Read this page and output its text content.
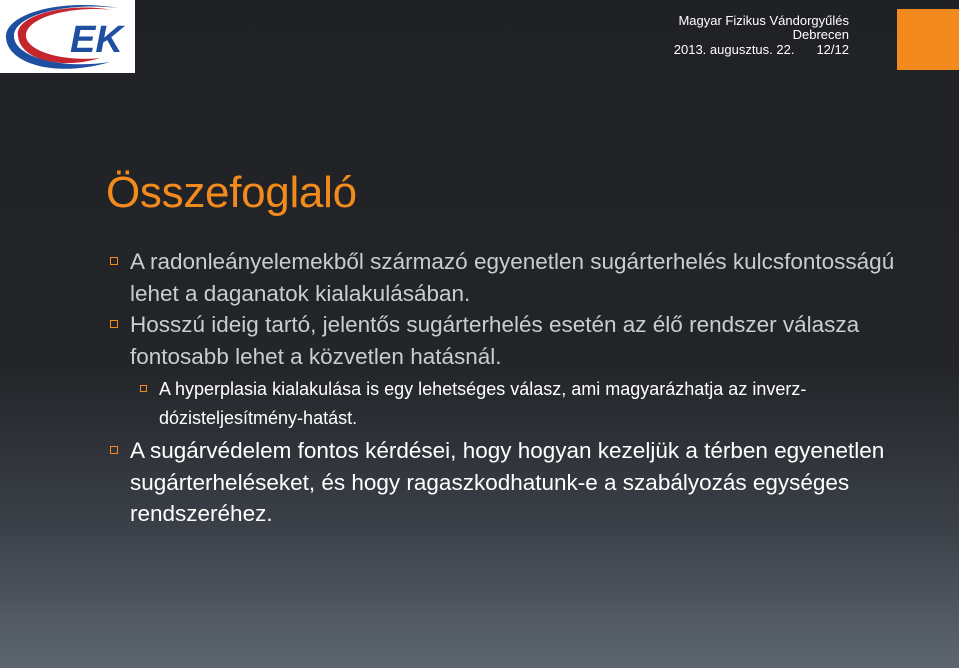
EK	Magyar Fizikus Vándorgyűlés
Debrecen
2013. augusztus. 22. 12/12
Összefoglaló
A radonleányelemekből származó egyenetlen sugárterhelés kulcsfontosságú lehet a daganatok kialakulásában.
Hosszú ideig tartó, jelentős sugárterhelés esetén az élő rendszer válasza fontosabb lehet a közvetlen hatásnál.
A hyperplasia kialakulása is egy lehetséges válasz, ami magyarázhatja az inverz-dózisteljesítmény-hatást.
A sugárvédelem fontos kérdései, hogy hogyan kezeljük a térben egyenetlen sugárterheléseket, és hogy ragaszkodhatunk-e a szabályozás egységes rendszeréhez.
